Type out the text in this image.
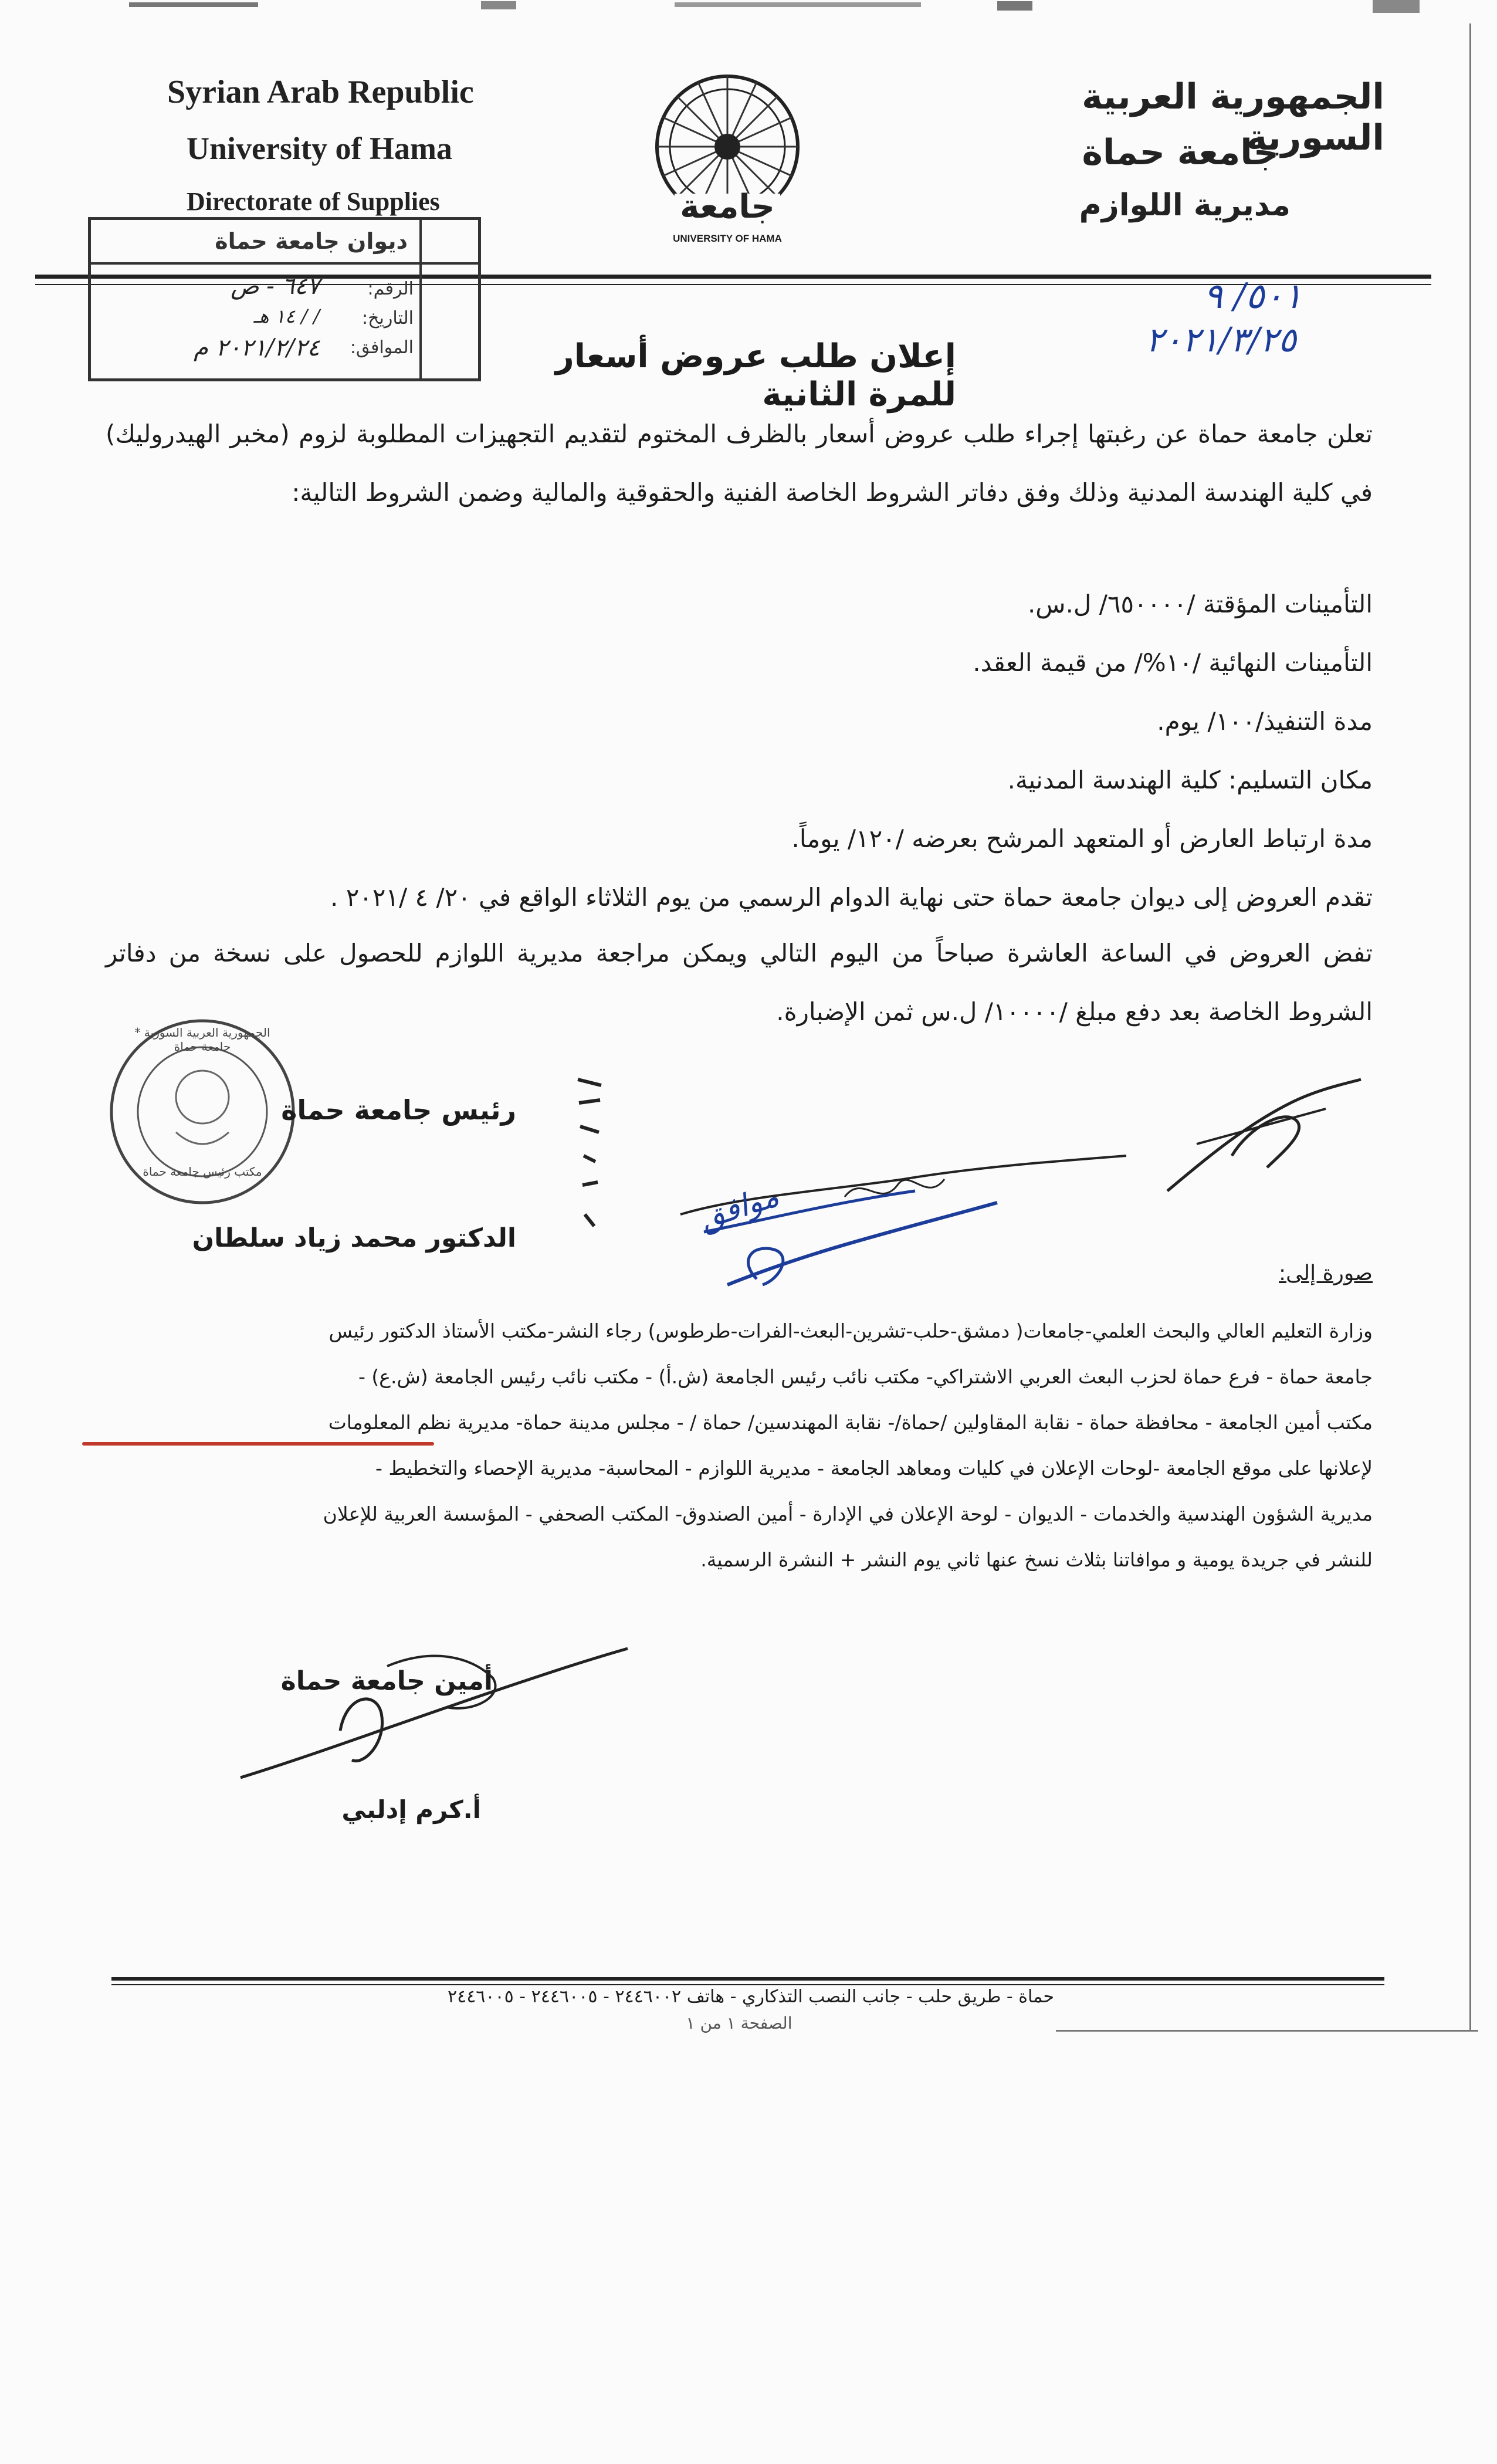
Syrian Arab Republic
University of Hama
Directorate of Supplies
الجمهورية العربية السورية
جامعة حماة
مديرية اللوازم
جامعة
UNIVERSITY OF HAMA
ديوان جامعة حماة
الرقم:
التاريخ:
الموافق:
٦٤٧ - ص
/ / ١٤ هـ
٢٠٢١/٢/٢٤ م
٥٠١/ ٩
٢٠٢١/٣/٢٥
إعلان طلب عروض أسعار للمرة الثانية
تعلن جامعة حماة عن رغبتها إجراء طلب عروض أسعار بالظرف المختوم لتقديم التجهيزات المطلوبة لزوم (مخبر الهيدروليك) في كلية الهندسة المدنية وذلك وفق دفاتر الشروط الخاصة الفنية والحقوقية والمالية وضمن الشروط التالية:
التأمينات المؤقتة /٦٥٠٠٠٠/ ل.س.
التأمينات النهائية /١٠%/ من قيمة العقد.
مدة التنفيذ/١٠٠/ يوم.
مكان التسليم: كلية الهندسة المدنية.
مدة ارتباط العارض أو المتعهد المرشح بعرضه /١٢٠/ يوماً.
تقدم العروض إلى ديوان جامعة حماة حتى نهاية الدوام الرسمي من يوم الثلاثاء الواقع في ٢٠/ ٤ /٢٠٢١ .
تفض العروض في الساعة العاشرة صباحاً من اليوم التالي ويمكن مراجعة مديرية اللوازم للحصول على نسخة من دفاتر الشروط الخاصة بعد دفع مبلغ /١٠٠٠٠/ ل.س ثمن الإضبارة.
الجمهورية العربية السورية * جامعة حماة
مكتب رئيس جامعة حماة
رئيس جامعة حماة
الدكتور محمد زياد سلطان
موافق
صورة إلى:
وزارة التعليم العالي والبحث العلمي-جامعات( دمشق-حلب-تشرين-البعث-الفرات-طرطوس) رجاء النشر-مكتب الأستاذ الدكتور رئيس
جامعة حماة - فرع حماة لحزب البعث العربي الاشتراكي- مكتب نائب رئيس الجامعة (ش.أ) - مكتب نائب رئيس الجامعة (ش.ع) -
مكتب أمين الجامعة - محافظة حماة - نقابة المقاولين /حماة/- نقابة المهندسين/ حماة / - مجلس مدينة حماة- مديرية نظم المعلومات
لإعلانها على موقع الجامعة -لوحات الإعلان في كليات ومعاهد الجامعة - مديرية اللوازم - المحاسبة- مديرية الإحصاء والتخطيط -
مديرية الشؤون الهندسية والخدمات - الديوان - لوحة الإعلان في الإدارة - أمين الصندوق- المكتب الصحفي - المؤسسة العربية للإعلان
للنشر في جريدة يومية و موافاتنا بثلاث نسخ عنها ثاني يوم النشر + النشرة الرسمية.
أمين جامعة حماة
أ.كرم إدلبي
حماة - طريق حلب - جانب النصب التذكاري - هاتف ٢٤٤٦٠٠٢ - ٢٤٤٦٠٠٥ - ٢٤٤٦٠٠٥
الصفحة ١ من ١
